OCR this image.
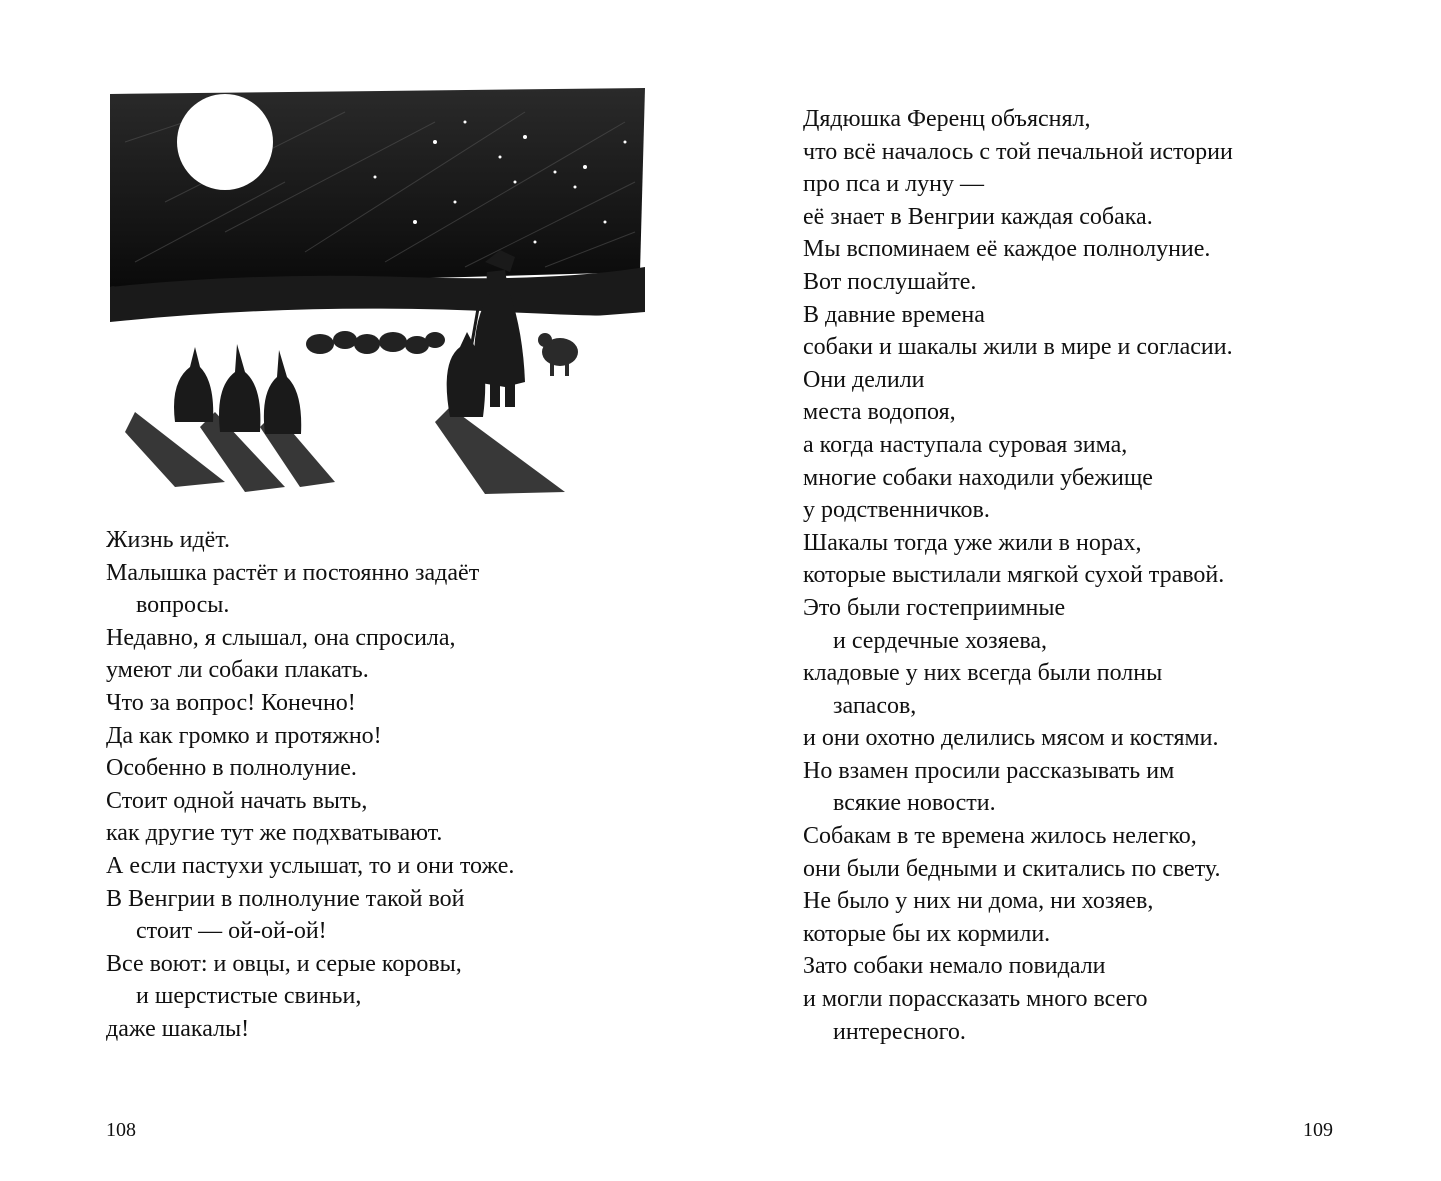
Жизнь идёт.
Малышка растёт и постоянно задаёт
вопросы.
Недавно, я слышал, она спросила,
умеют ли собаки плакать.
Что за вопрос! Конечно!
Да как громко и протяжно!
Особенно в полнолуние.
Стоит одной начать выть,
как другие тут же подхватывают.
А если пастухи услышат, то и они тоже.
В Венгрии в полнолуние такой вой
стоит — ой-ой-ой!
Все воют: и овцы, и серые коровы,
и шерстистые свиньи,
даже шакалы!
108
Дядюшка Ференц объяснял,
что всё началось с той печальной истории
про пса и луну —
её знает в Венгрии каждая собака.
Мы вспоминаем её каждое полнолуние.
Вот послушайте.
В давние времена
собаки и шакалы жили в мире и согласии.
Они делили
места водопоя,
а когда наступала суровая зима,
многие собаки находили убежище
у родственничков.
Шакалы тогда уже жили в норах,
которые выстилали мягкой сухой травой.
Это были гостеприимные
и сердечные хозяева,
кладовые у них всегда были полны
запасов,
и они охотно делились мясом и костями.
Но взамен просили рассказывать им
всякие новости.
Собакам в те времена жилось нелегко,
они были бедными и скитались по свету.
Не было у них ни дома, ни хозяев,
которые бы их кормили.
Зато собаки немало повидали
и могли порассказать много всего
интересного.
109
